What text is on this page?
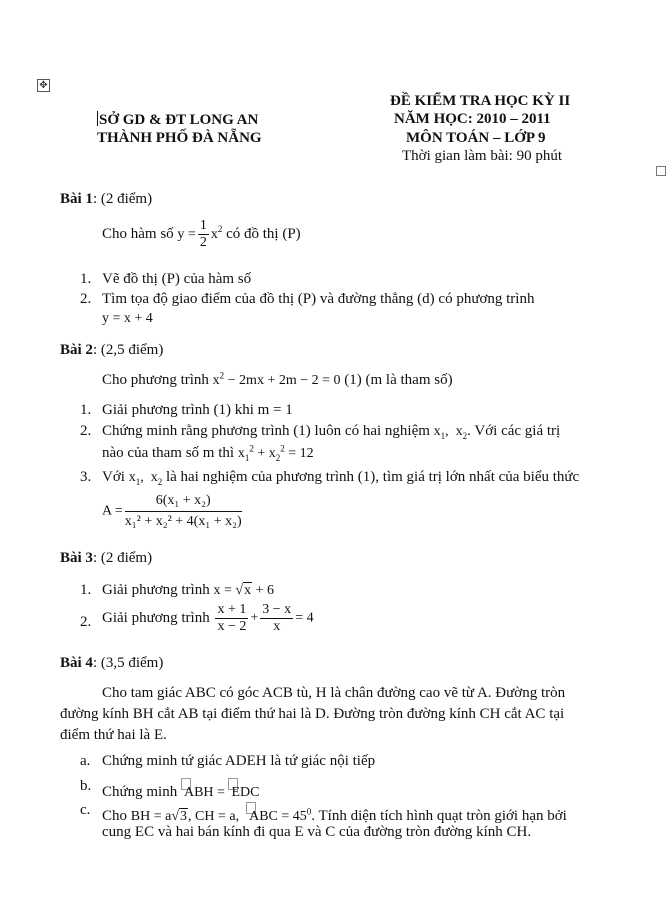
✥
SỞ GD & ĐT LONG AN
THÀNH PHỐ ĐÀ NẴNG
ĐỀ KIỂM TRA HỌC KỲ II
NĂM HỌC: 2010 – 2011
MÔN TOÁN – LỚP 9
Thời gian làm bài: 90 phút
Bài 1: (2 điểm)
Cho hàm số $y = \frac{1}{2} x^2$ có đồ thị (P)
1. Vẽ đồ thị (P) của hàm số
2. Tìm tọa độ giao điểm của đồ thị (P) và đường thẳng (d) có phương trình
y = x + 4
Bài 2: (2,5 điểm)
Cho phương trình $x^2 - 2mx + 2m - 2 = 0$ (1) (m là tham số)
1. Giải phương trình (1) khi m = 1
2. Chứng minh rằng phương trình (1) luôn có hai nghiệm $x_1$, $x_2$. Với các giá trị
nào của tham số m thì $x_1^2 + x_2^2 = 12$
3. Với $x_1$, $x_2$ là hai nghiệm của phương trình (1), tìm giá trị lớn nhất của biểu thức
$A = \frac{\text{6(x₁ + x₂)}}{\text{x₁² + x₂² + 4(x₁ + x₂)}}$
Bài 3: (2 điểm)
1. Giải phương trình x = √x + 6
2. Giải phương trình $\frac{x + 1}{x - 2} + \frac{3 - x}{x} = 4$
Bài 4: (3,5 điểm)
Cho tam giác ABC có góc ACB tù, H là chân đường cao vẽ từ A. Đường tròn
đường kính BH cắt AB tại điểm thứ hai là D. Đường tròn đường kính CH cắt AC tại
điểm thứ hai là E.
a. Chứng minh tứ giác ADEH là tứ giác nội tiếp
b. Chứng minh ABH = EDC
c. Cho BH = a√3, CH = a, ABC = $45^0$. Tính diện tích hình quạt tròn giới hạn bởi
cung EC và hai bán kính đi qua E và C của đường tròn đường kính CH.
